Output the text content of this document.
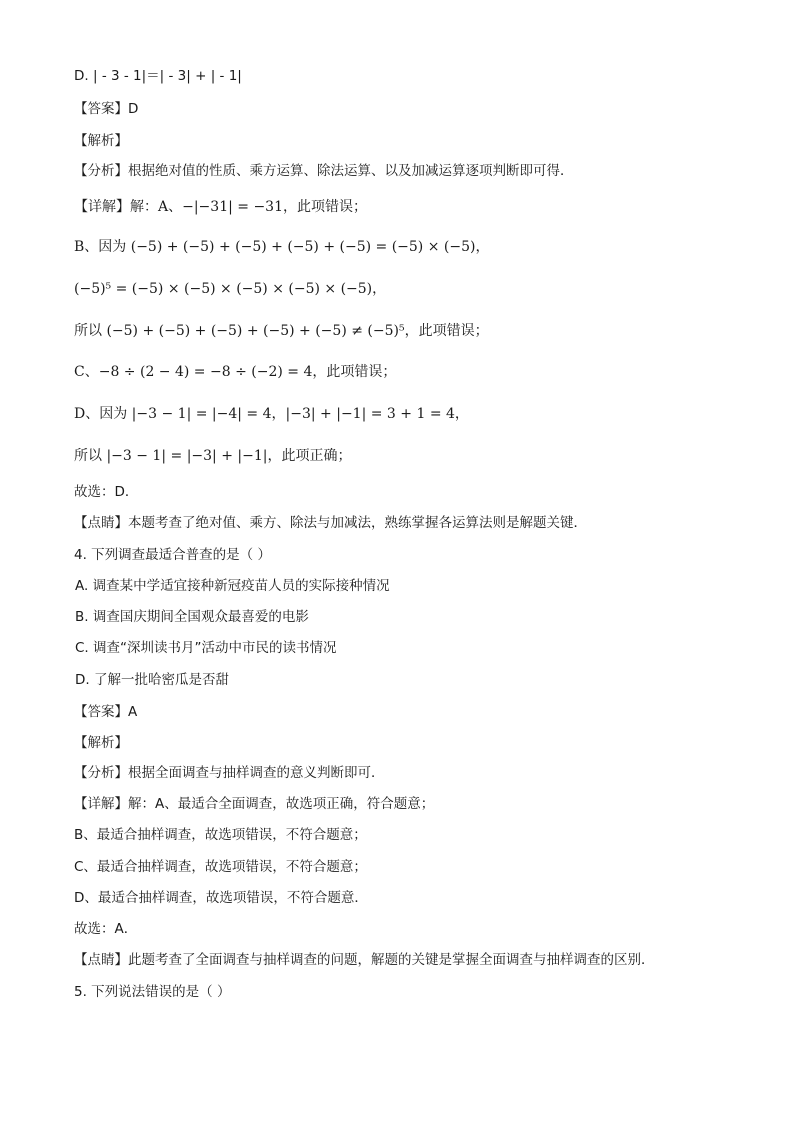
D. | - 3 - 1|＝| - 3| + | - 1|
【答案】D
【解析】
【分析】根据绝对值的性质、乘方运算、除法运算、以及加减运算逐项判断即可得．
【详解】解：A、−|−31| = −31，此项错误；
B、因为 (−5) + (−5) + (−5) + (−5) + (−5) = (−5) × (−5)，
(−5)⁵ = (−5) × (−5) × (−5) × (−5) × (−5)，
所以 (−5) + (−5) + (−5) + (−5) + (−5) ≠ (−5)⁵，此项错误；
C、−8 ÷ (2 − 4) = −8 ÷ (−2) = 4，此项错误；
D、因为 |−3 − 1| = |−4| = 4，|−3| + |−1| = 3 + 1 = 4，
所以 |−3 − 1| = |−3| + |−1|，此项正确；
故选：D．
【点睛】本题考查了绝对值、乘方、除法与加减法，熟练掌握各运算法则是解题关键．
4. 下列调查最适合普查的是（ ）
A. 调查某中学适宜接种新冠疫苗人员的实际接种情况
B. 调查国庆期间全国观众最喜爱的电影
C. 调查“深圳读书月”活动中市民的读书情况
D. 了解一批哈密瓜是否甜
【答案】A
【解析】
【分析】根据全面调查与抽样调查的意义判断即可．
【详解】解：A、最适合全面调查，故选项正确，符合题意；
B、最适合抽样调查，故选项错误，不符合题意；
C、最适合抽样调查，故选项错误，不符合题意；
D、最适合抽样调查，故选项错误，不符合题意．
故选：A．
【点睛】此题考查了全面调查与抽样调查的问题，解题的关键是掌握全面调查与抽样调查的区别．
5. 下列说法错误的是（ ）
